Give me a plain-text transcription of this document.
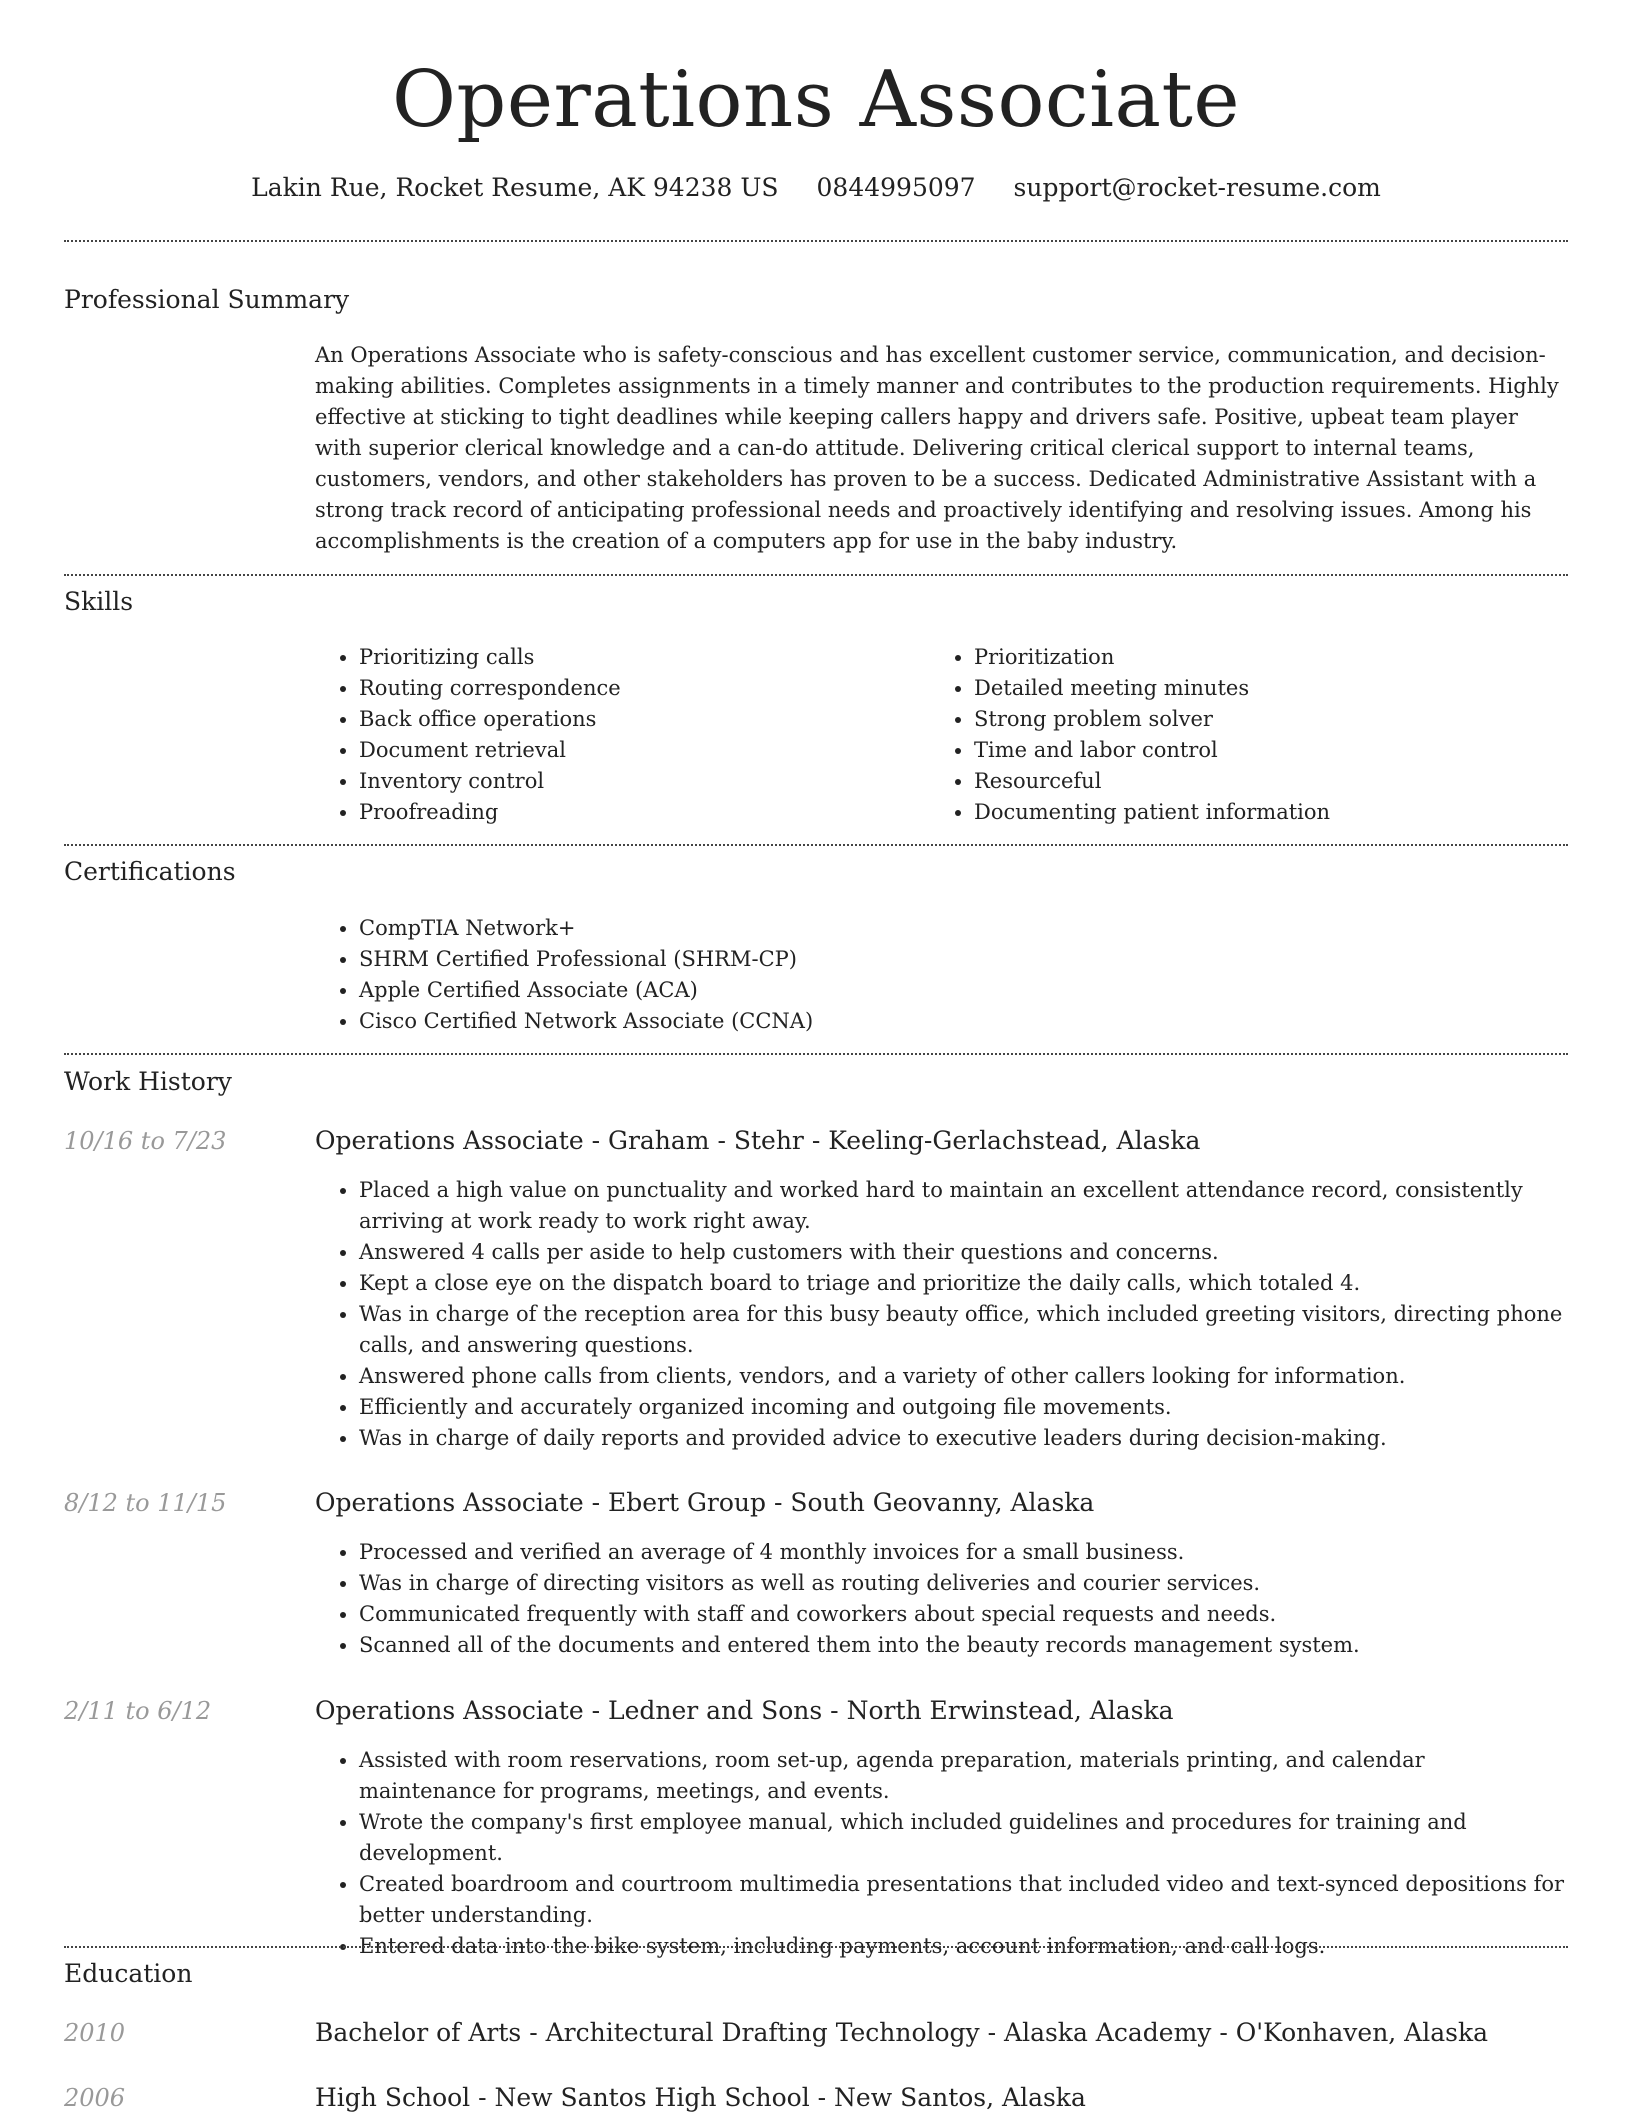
Operations Associate
Lakin Rue, Rocket Resume, AK 94238 US 0844995097 support@rocket-resume.com
Professional Summary
An Operations Associate who is safety-conscious and has excellent customer service, communication, and decision-making abilities. Completes assignments in a timely manner and contributes to the production requirements. Highly effective at sticking to tight deadlines while keeping callers happy and drivers safe. Positive, upbeat team player with superior clerical knowledge and a can-do attitude. Delivering critical clerical support to internal teams, customers, vendors, and other stakeholders has proven to be a success. Dedicated Administrative Assistant with a strong track record of anticipating professional needs and proactively identifying and resolving issues. Among his accomplishments is the creation of a computers app for use in the baby industry.
Skills
• Prioritizing calls
• Routing correspondence
• Back office operations
• Document retrieval
• Inventory control
• Proofreading
• Prioritization
• Detailed meeting minutes
• Strong problem solver
• Time and labor control
• Resourceful
• Documenting patient information
Certifications
• CompTIA Network+
• SHRM Certified Professional (SHRM-CP)
• Apple Certified Associate (ACA)
• Cisco Certified Network Associate (CCNA)
Work History
10/16 to 7/23	Operations Associate - Graham - Stehr - Keeling-Gerlachstead, Alaska
• Placed a high value on punctuality and worked hard to maintain an excellent attendance record, consistently arriving at work ready to work right away.
• Answered 4 calls per aside to help customers with their questions and concerns.
• Kept a close eye on the dispatch board to triage and prioritize the daily calls, which totaled 4.
• Was in charge of the reception area for this busy beauty office, which included greeting visitors, directing phone calls, and answering questions.
• Answered phone calls from clients, vendors, and a variety of other callers looking for information.
• Efficiently and accurately organized incoming and outgoing file movements.
• Was in charge of daily reports and provided advice to executive leaders during decision-making.
8/12 to 11/15	Operations Associate - Ebert Group - South Geovanny, Alaska
• Processed and verified an average of 4 monthly invoices for a small business.
• Was in charge of directing visitors as well as routing deliveries and courier services.
• Communicated frequently with staff and coworkers about special requests and needs.
• Scanned all of the documents and entered them into the beauty records management system.
2/11 to 6/12	Operations Associate - Ledner and Sons - North Erwinstead, Alaska
• Assisted with room reservations, room set-up, agenda preparation, materials printing, and calendar maintenance for programs, meetings, and events.
• Wrote the company's first employee manual, which included guidelines and procedures for training and development.
• Created boardroom and courtroom multimedia presentations that included video and text-synced depositions for better understanding.
• Entered data into the bike system, including payments, account information, and call logs.
Education
2010	Bachelor of Arts - Architectural Drafting Technology - Alaska Academy - O'Konhaven, Alaska
2006	High School - New Santos High School - New Santos, Alaska
